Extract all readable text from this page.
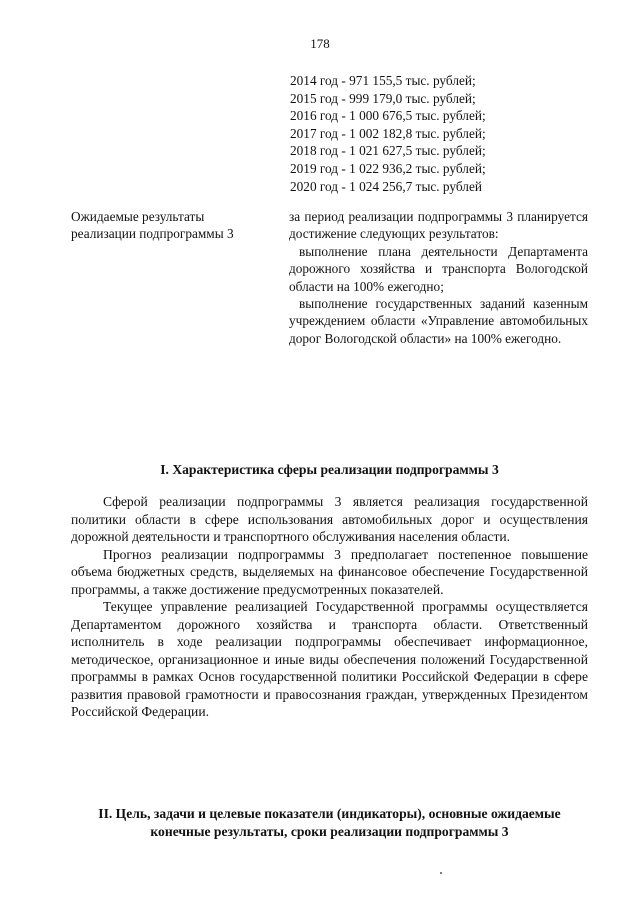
178
2014 год - 971 155,5 тыс. рублей;
2015 год - 999 179,0 тыс. рублей;
2016 год - 1 000 676,5 тыс. рублей;
2017 год - 1 002 182,8 тыс. рублей;
2018 год - 1 021 627,5 тыс. рублей;
2019 год - 1 022 936,2 тыс. рублей;
2020 год - 1 024 256,7 тыс. рублей
Ожидаемые результаты реализации подпрограммы 3

за период реализации подпрограммы 3 планируется достижение следующих результатов:

выполнение плана деятельности Департамента дорожного хозяйства и транспорта Вологодской области на 100% ежегодно;

выполнение государственных заданий казенным учреждением области «Управление автомобильных дорог Вологодской области» на 100% ежегодно.

I. Характеристика сферы реализации подпрограммы 3

Сферой реализации подпрограммы 3 является реализация государственной политики области в сфере использования автомобильных дорог и осуществления дорожной деятельности и транспортного обслуживания населения области.

Прогноз реализации подпрограммы 3 предполагает постепенное повышение объема бюджетных средств, выделяемых на финансовое обеспечение Государственной программы, а также достижение предусмотренных показателей.

Текущее управление реализацией Государственной программы осуществляется Департаментом дорожного хозяйства и транспорта области. Ответственный исполнитель в ходе реализации подпрограммы обеспечивает информационное, методическое, организационное и иные виды обеспечения положений Государственной программы в рамках Основ государственной политики Российской Федерации в сфере развития правовой грамотности и правосознания граждан, утвержденных Президентом Российской Федерации.

II. Цель, задачи и целевые показатели (индикаторы), основные ожидаемые конечные результаты, сроки реализации подпрограммы 3
